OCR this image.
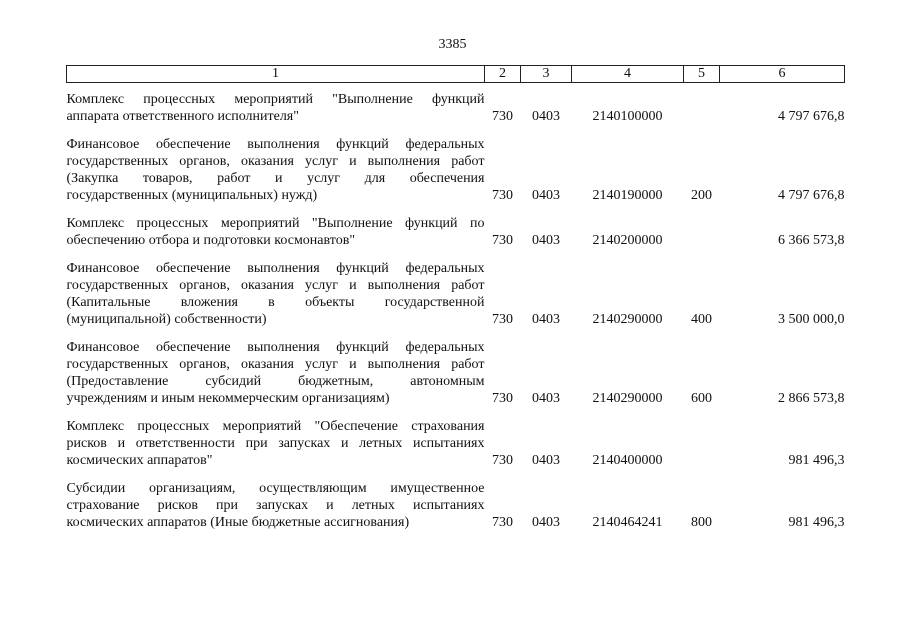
3385
1	2	3	4	5	6

Комплекс процессных мероприятий "Выполнение функций
аппарата ответственного исполнителя"	730	0403	2140100000		4 797 676,8

Финансовое обеспечение выполнения функций федеральных
государственных органов, оказания услуг и выполнения работ
(Закупка товаров, работ и услуг для обеспечения
государственных (муниципальных) нужд)	730	0403	2140190000	200	4 797 676,8

Комплекс процессных мероприятий "Выполнение функций по
обеспечению отбора и подготовки космонавтов"	730	0403	2140200000		6 366 573,8

Финансовое обеспечение выполнения функций федеральных
государственных органов, оказания услуг и выполнения работ
(Капитальные вложения в объекты государственной
(муниципальной) собственности)	730	0403	2140290000	400	3 500 000,0

Финансовое обеспечение выполнения функций федеральных
государственных органов, оказания услуг и выполнения работ
(Предоставление субсидий бюджетным, автономным
учреждениям и иным некоммерческим организациям)	730	0403	2140290000	600	2 866 573,8

Комплекс процессных мероприятий "Обеспечение страхования
рисков и ответственности при запусках и летных испытаниях
космических аппаратов"	730	0403	2140400000		981 496,3

Субсидии организациям, осуществляющим имущественное
страхование рисков при запусках и летных испытаниях
космических аппаратов (Иные бюджетные ассигнования)	730	0403	2140464241	800	981 496,3
